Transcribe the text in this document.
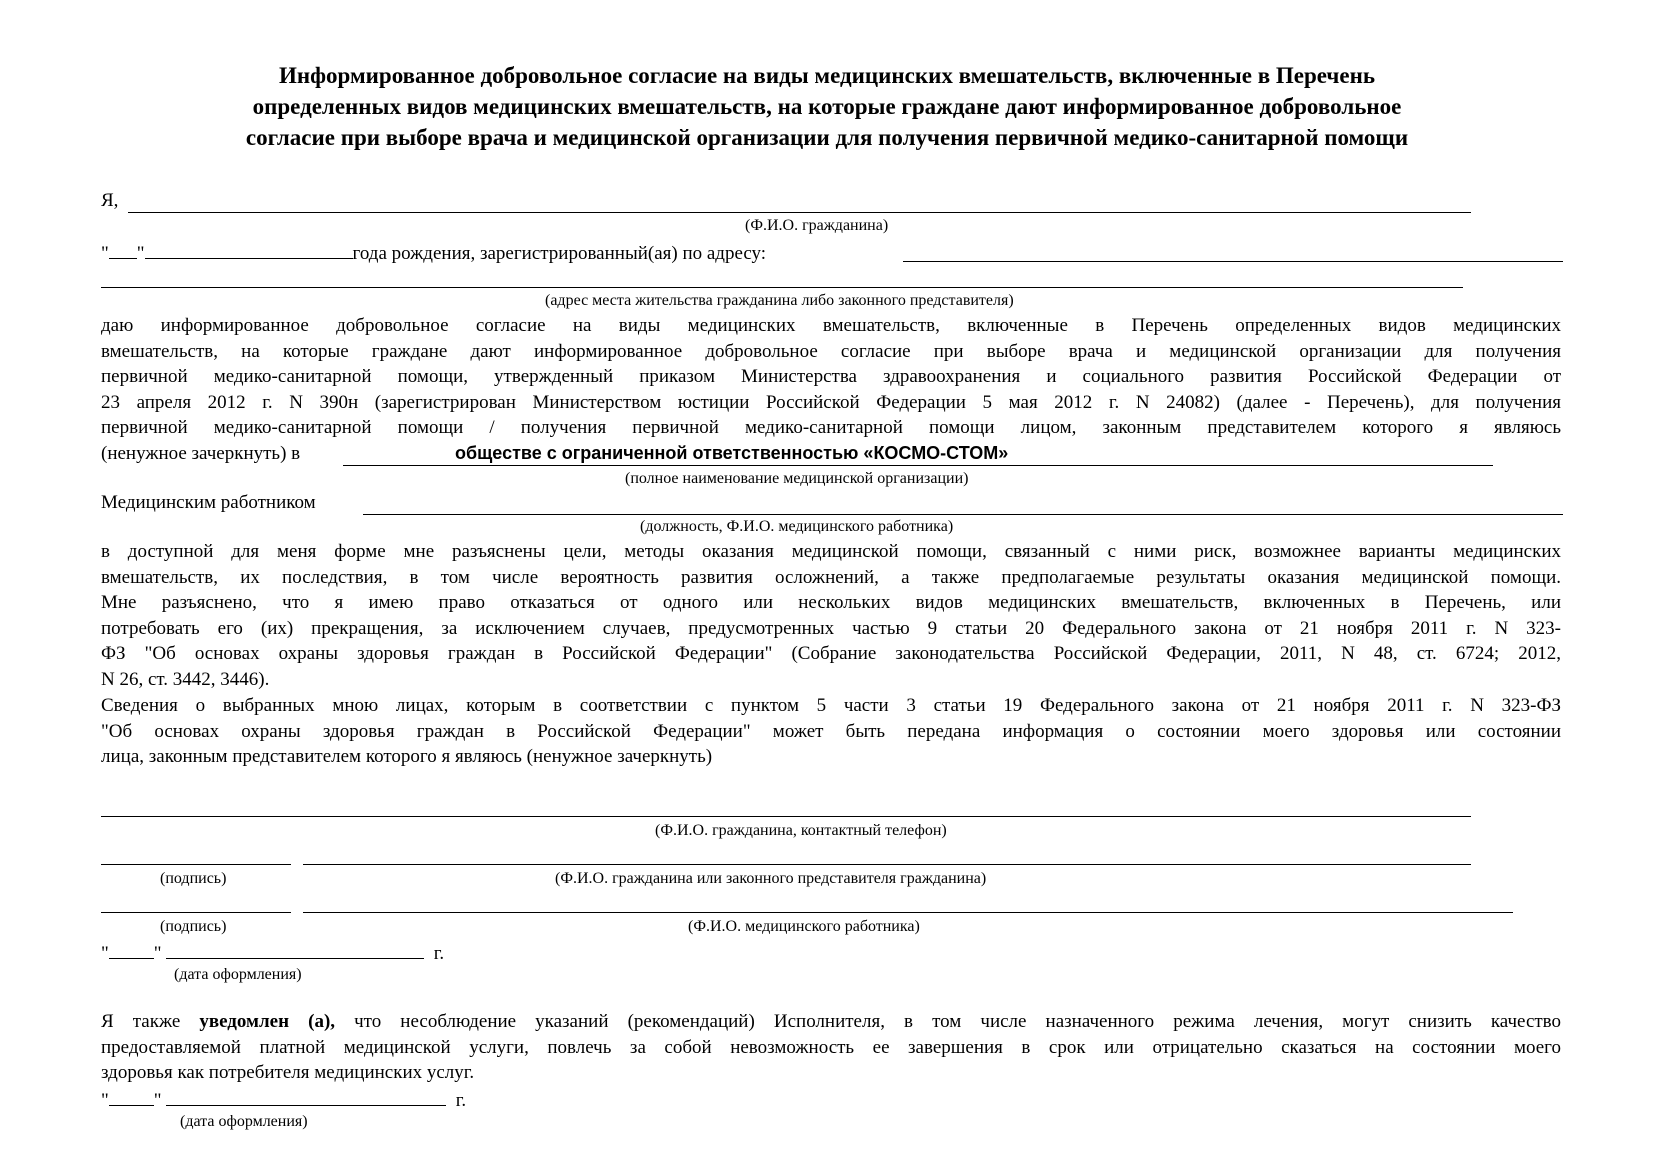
Информированное добровольное согласие на виды медицинских вмешательств, включенные в Перечень
определенных видов медицинских вмешательств, на которые граждане дают информированное добровольное
согласие при выборе врача и медицинской организации для получения первичной медико-санитарной помощи
Я,
(Ф.И.О. гражданина)
" "	года рождения, зарегистрированный(ая) по адресу:
(адрес места жительства гражданина либо законного представителя)
даю информированное добровольное согласие на виды медицинских вмешательств, включенные в Перечень определенных видов медицинских
вмешательств, на которые граждане дают информированное добровольное согласие при выборе врача и медицинской организации для получения
первичной медико-санитарной помощи, утвержденный приказом Министерства здравоохранения и социального развития Российской Федерации от
23 апреля 2012 г. N 390н (зарегистрирован Министерством юстиции Российской Федерации 5 мая 2012 г. N 24082) (далее - Перечень), для получения
первичной медико-санитарной помощи / получения первичной медико-санитарной помощи лицом, законным представителем которого я являюсь
(ненужное зачеркнуть) в	обществе с ограниченной ответственностью «КОСМО-СТОМ»
(полное наименование медицинской организации)
Медицинским работником
(должность, Ф.И.О. медицинского работника)
в доступной для меня форме мне разъяснены цели, методы оказания медицинской помощи, связанный с ними риск, возможнее варианты медицинских
вмешательств, их последствия, в том числе вероятность развития осложнений, а также предполагаемые результаты оказания медицинской помощи.
Мне разъяснено, что я имею право отказаться от одного или нескольких видов медицинских вмешательств, включенных в Перечень, или
потребовать его (их) прекращения, за исключением случаев, предусмотренных частью 9 статьи 20 Федерального закона от 21 ноября 2011 г. N 323-
ФЗ "Об основах охраны здоровья граждан в Российской Федерации" (Собрание законодательства Российской Федерации, 2011, N 48, ст. 6724; 2012,
N 26, ст. 3442, 3446).
Сведения о выбранных мною лицах, которым в соответствии с пунктом 5 части 3 статьи 19 Федерального закона от 21 ноября 2011 г. N 323-ФЗ
"Об основах охраны здоровья граждан в Российской Федерации" может быть передана информация о состоянии моего здоровья или состоянии
лица, законным представителем которого я являюсь (ненужное зачеркнуть)
(Ф.И.О. гражданина, контактный телефон)
(подпись)	(Ф.И.О. гражданина или законного представителя гражданина)
(подпись)	(Ф.И.О. медицинского работника)
" "	г.
(дата оформления)
Я также уведомлен (а), что несоблюдение указаний (рекомендаций) Исполнителя, в том числе назначенного режима лечения, могут снизить качество
предоставляемой платной медицинской услуги, повлечь за собой невозможность ее завершения в срок или отрицательно сказаться на состоянии моего
здоровья как потребителя медицинских услуг.
" "	г.
(дата оформления)
